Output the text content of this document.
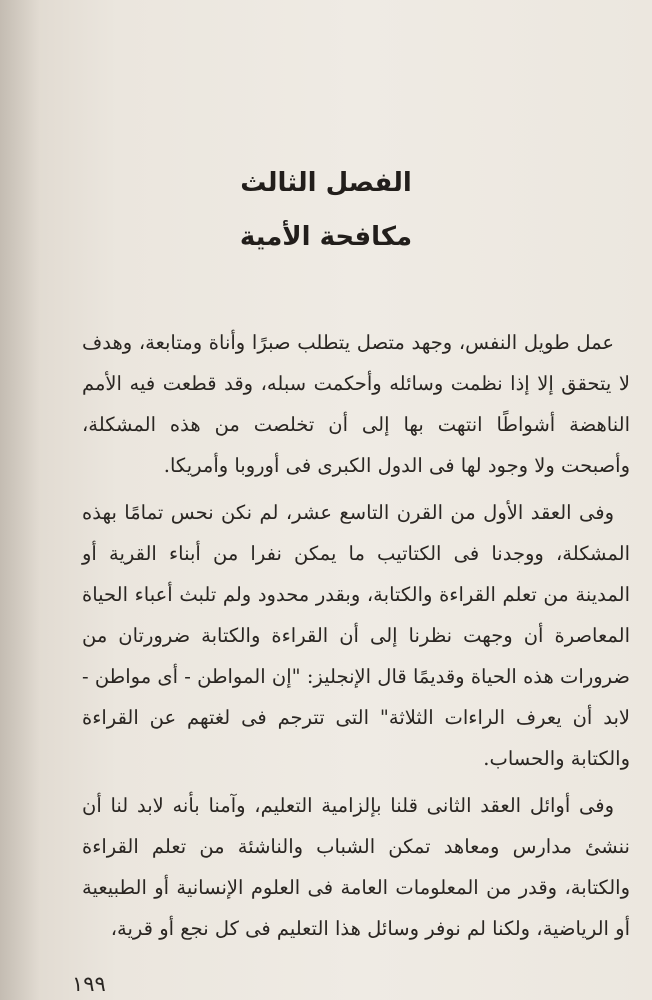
الفصل الثالث
مكافحة الأمية

عمل طويل النفس، وجهد متصل يتطلب صبرًا وأناة ومتابعة، وهدف لا يتحقق إلا إذا نظمت وسائله وأحكمت سبله، وقد قطعت فيه الأمم الناهضة أشواطًا انتهت بها إلى أن تخلصت من هذه المشكلة، وأصبحت ولا وجود لها فى الدول الكبرى فى أوروبا وأمريكا.

وفى العقد الأول من القرن التاسع عشر، لم نكن نحس تمامًا بهذه المشكلة، ووجدنا فى الكتاتيب ما يمكن نفرا من أبناء القرية أو المدينة من تعلم القراءة والكتابة، وبقدر محدود ولم تلبث أعباء الحياة المعاصرة أن وجهت نظرنا إلى أن القراءة والكتابة ضرورتان من ضرورات هذه الحياة وقديمًا قال الإنجليز: "إن المواطن - أى مواطن - لابد أن يعرف الراءات الثلاثة" التى تترجم فى لغتهم عن القراءة والكتابة والحساب.

وفى أوائل العقد الثانى قلنا بإلزامية التعليم، وآمنا بأنه لابد لنا أن ننشئ مدارس ومعاهد تمكن الشباب والناشئة من تعلم القراءة والكتابة، وقدر من المعلومات العامة فى العلوم الإنسانية أو الطبيعية أو الرياضية، ولكنا لم نوفر وسائل هذا التعليم فى كل نجع أو قرية،

١٩٩
